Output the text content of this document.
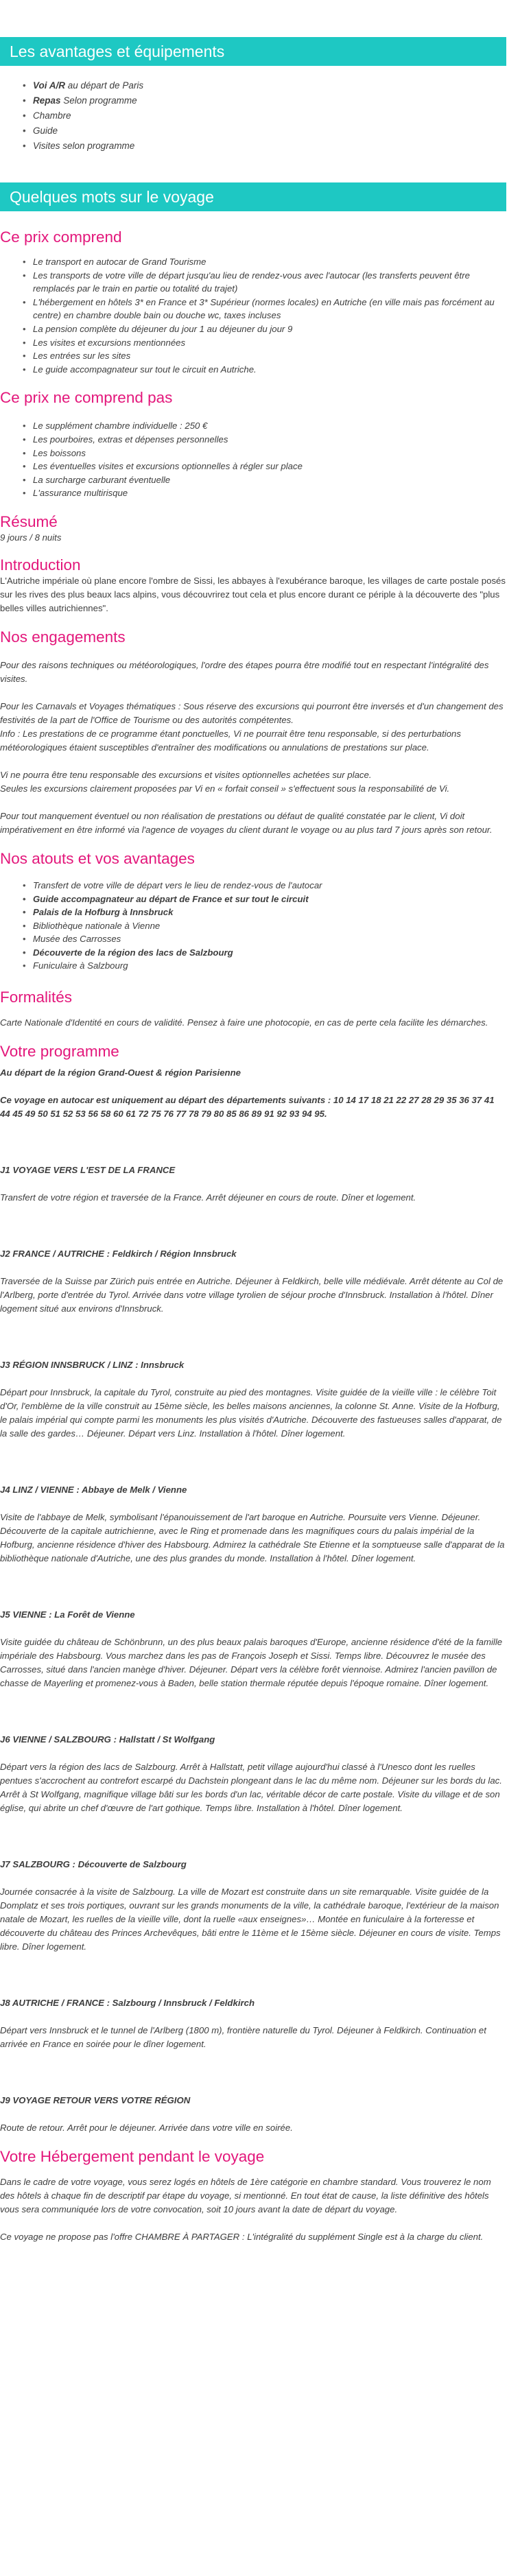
Les avantages et équipements
• Voi A/R au départ de Paris
• Repas Selon programme
• Chambre
• Guide
• Visites selon programme
Quelques mots sur le voyage
Ce prix comprend
• Le transport en autocar de Grand Tourisme
• Les transports de votre ville de départ jusqu'au lieu de rendez-vous avec l'autocar (les transferts peuvent être remplacés par le train en partie ou totalité du trajet)
• L'hébergement en hôtels 3* en France et 3* Supérieur (normes locales) en Autriche (en ville mais pas forcément au centre) en chambre double bain ou douche wc, taxes incluses
• La pension complète du déjeuner du jour 1 au déjeuner du jour 9
• Les visites et excursions mentionnées
• Les entrées sur les sites
• Le guide accompagnateur sur tout le circuit en Autriche.
Ce prix ne comprend pas
• Le supplément chambre individuelle : 250 €
• Les pourboires, extras et dépenses personnelles
• Les boissons
• Les éventuelles visites et excursions optionnelles à régler sur place
• La surcharge carburant éventuelle
• L'assurance multirisque
Résumé

9 jours / 8 nuits

Introduction

L'Autriche impériale où plane encore l'ombre de Sissi, les abbayes à l'exubérance baroque, les villages de carte postale posés sur les rives des plus beaux lacs alpins, vous découvrirez tout cela et plus encore durant ce périple à la découverte des "plus belles villes autrichiennes".

Nos engagements

Pour des raisons techniques ou météorologiques, l'ordre des étapes pourra être modifié tout en respectant l'intégralité des visites.

Pour les Carnavals et Voyages thématiques : Sous réserve des excursions qui pourront être inversés et d'un changement des festivités de la part de l'Office de Tourisme ou des autorités compétentes.

Info : Les prestations de ce programme étant ponctuelles, Vi ne pourrait être tenu responsable, si des perturbations météorologiques étaient susceptibles d'entraîner des modifications ou annulations de prestations sur place.

Vi ne pourra être tenu responsable des excursions et visites optionnelles achetées sur place.

Seules les excursions clairement proposées par Vi en « forfait conseil » s'effectuent sous la responsabilité de Vi.

Pour tout manquement éventuel ou non réalisation de prestations ou défaut de qualité constatée par le client, Vi doit impérativement en être informé via l'agence de voyages du client durant le voyage ou au plus tard 7 jours après son retour.

Nos atouts et vos avantages
• Transfert de votre ville de départ vers le lieu de rendez-vous de l'autocar
• Guide accompagnateur au départ de France et sur tout le circuit
• Palais de la Hofburg à Innsbruck
• Bibliothèque nationale à Vienne
• Musée des Carrosses
• Découverte de la région des lacs de Salzbourg
• Funiculaire à Salzbourg
Formalités

Carte Nationale d'Identité en cours de validité. Pensez à faire une photocopie, en cas de perte cela facilite les démarches.

Votre programme

Au départ de la région Grand-Ouest & région Parisienne

Ce voyage en autocar est uniquement au départ des départements suivants : 10 14 17 18 21 22 27 28 29 35 36 37 41 44 45 49 50 51 52 53 56 58 60 61 72 75 76 77 78 79 80 85 86 89 91 92 93 94 95.

J1 VOYAGE VERS L'EST DE LA FRANCE

Transfert de votre région et traversée de la France. Arrêt déjeuner en cours de route. Dîner et logement.

J2 FRANCE / AUTRICHE : Feldkirch / Région Innsbruck

Traversée de la Suisse par Zürich puis entrée en Autriche. Déjeuner à Feldkirch, belle ville médiévale. Arrêt détente au Col de l'Arlberg, porte d'entrée du Tyrol. Arrivée dans votre village tyrolien de séjour proche d'Innsbruck. Installation à l'hôtel. Dîner logement situé aux environs d'Innsbruck.

J3 RÉGION INNSBRUCK / LINZ : Innsbruck

Départ pour Innsbruck, la capitale du Tyrol, construite au pied des montagnes. Visite guidée de la vieille ville : le célèbre Toit d'Or, l'emblème de la ville construit au 15ème siècle, les belles maisons anciennes, la colonne St. Anne. Visite de la Hofburg, le palais impérial qui compte parmi les monuments les plus visités d'Autriche. Découverte des fastueuses salles d'apparat, de la salle des gardes… Déjeuner. Départ vers Linz. Installation à l'hôtel. Dîner logement.

J4 LINZ / VIENNE : Abbaye de Melk / Vienne

Visite de l'abbaye de Melk, symbolisant l'épanouissement de l'art baroque en Autriche. Poursuite vers Vienne. Déjeuner. Découverte de la capitale autrichienne, avec le Ring et promenade dans les magnifiques cours du palais impérial de la Hofburg, ancienne résidence d'hiver des Habsbourg. Admirez la cathédrale Ste Etienne et la somptueuse salle d'apparat de la bibliothèque nationale d'Autriche, une des plus grandes du monde. Installation à l'hôtel. Dîner logement.

J5 VIENNE : La Forêt de Vienne

Visite guidée du château de Schönbrunn, un des plus beaux palais baroques d'Europe, ancienne résidence d'été de la famille impériale des Habsbourg. Vous marchez dans les pas de François Joseph et Sissi. Temps libre. Découvrez le musée des Carrosses, situé dans l'ancien manège d'hiver. Déjeuner. Départ vers la célèbre forêt viennoise. Admirez l'ancien pavillon de chasse de Mayerling et promenez-vous à Baden, belle station thermale réputée depuis l'époque romaine. Dîner logement.

J6 VIENNE / SALZBOURG : Hallstatt / St Wolfgang

Départ vers la région des lacs de Salzbourg. Arrêt à Hallstatt, petit village aujourd'hui classé à l'Unesco dont les ruelles pentues s'accrochent au contrefort escarpé du Dachstein plongeant dans le lac du même nom. Déjeuner sur les bords du lac. Arrêt à St Wolfgang, magnifique village bâti sur les bords d'un lac, véritable décor de carte postale. Visite du village et de son église, qui abrite un chef d'œuvre de l'art gothique. Temps libre. Installation à l'hôtel. Dîner logement.

J7 SALZBOURG : Découverte de Salzbourg

Journée consacrée à la visite de Salzbourg. La ville de Mozart est construite dans un site remarquable. Visite guidée de la Domplatz et ses trois portiques, ouvrant sur les grands monuments de la ville, la cathédrale baroque, l'extérieur de la maison natale de Mozart, les ruelles de la vieille ville, dont la ruelle «aux enseignes»… Montée en funiculaire à la forteresse et découverte du château des Princes Archevêques, bâti entre le 11ème et le 15ème siècle. Déjeuner en cours de visite. Temps libre. Dîner logement.

J8 AUTRICHE / FRANCE : Salzbourg / Innsbruck / Feldkirch

Départ vers Innsbruck et le tunnel de l'Arlberg (1800 m), frontière naturelle du Tyrol. Déjeuner à Feldkirch. Continuation et arrivée en France en soirée pour le dîner logement.

J9 VOYAGE RETOUR VERS VOTRE RÉGION

Route de retour. Arrêt pour le déjeuner. Arrivée dans votre ville en soirée.

Votre Hébergement pendant le voyage

Dans le cadre de votre voyage, vous serez logés en hôtels de 1ère catégorie en chambre standard. Vous trouverez le nom des hôtels à chaque fin de descriptif par étape du voyage, si mentionné. En tout état de cause, la liste définitive des hôtels vous sera communiquée lors de votre convocation, soit 10 jours avant la date de départ du voyage.

Ce voyage ne propose pas l'offre CHAMBRE À PARTAGER : L'intégralité du supplément Single est à la charge du client.
